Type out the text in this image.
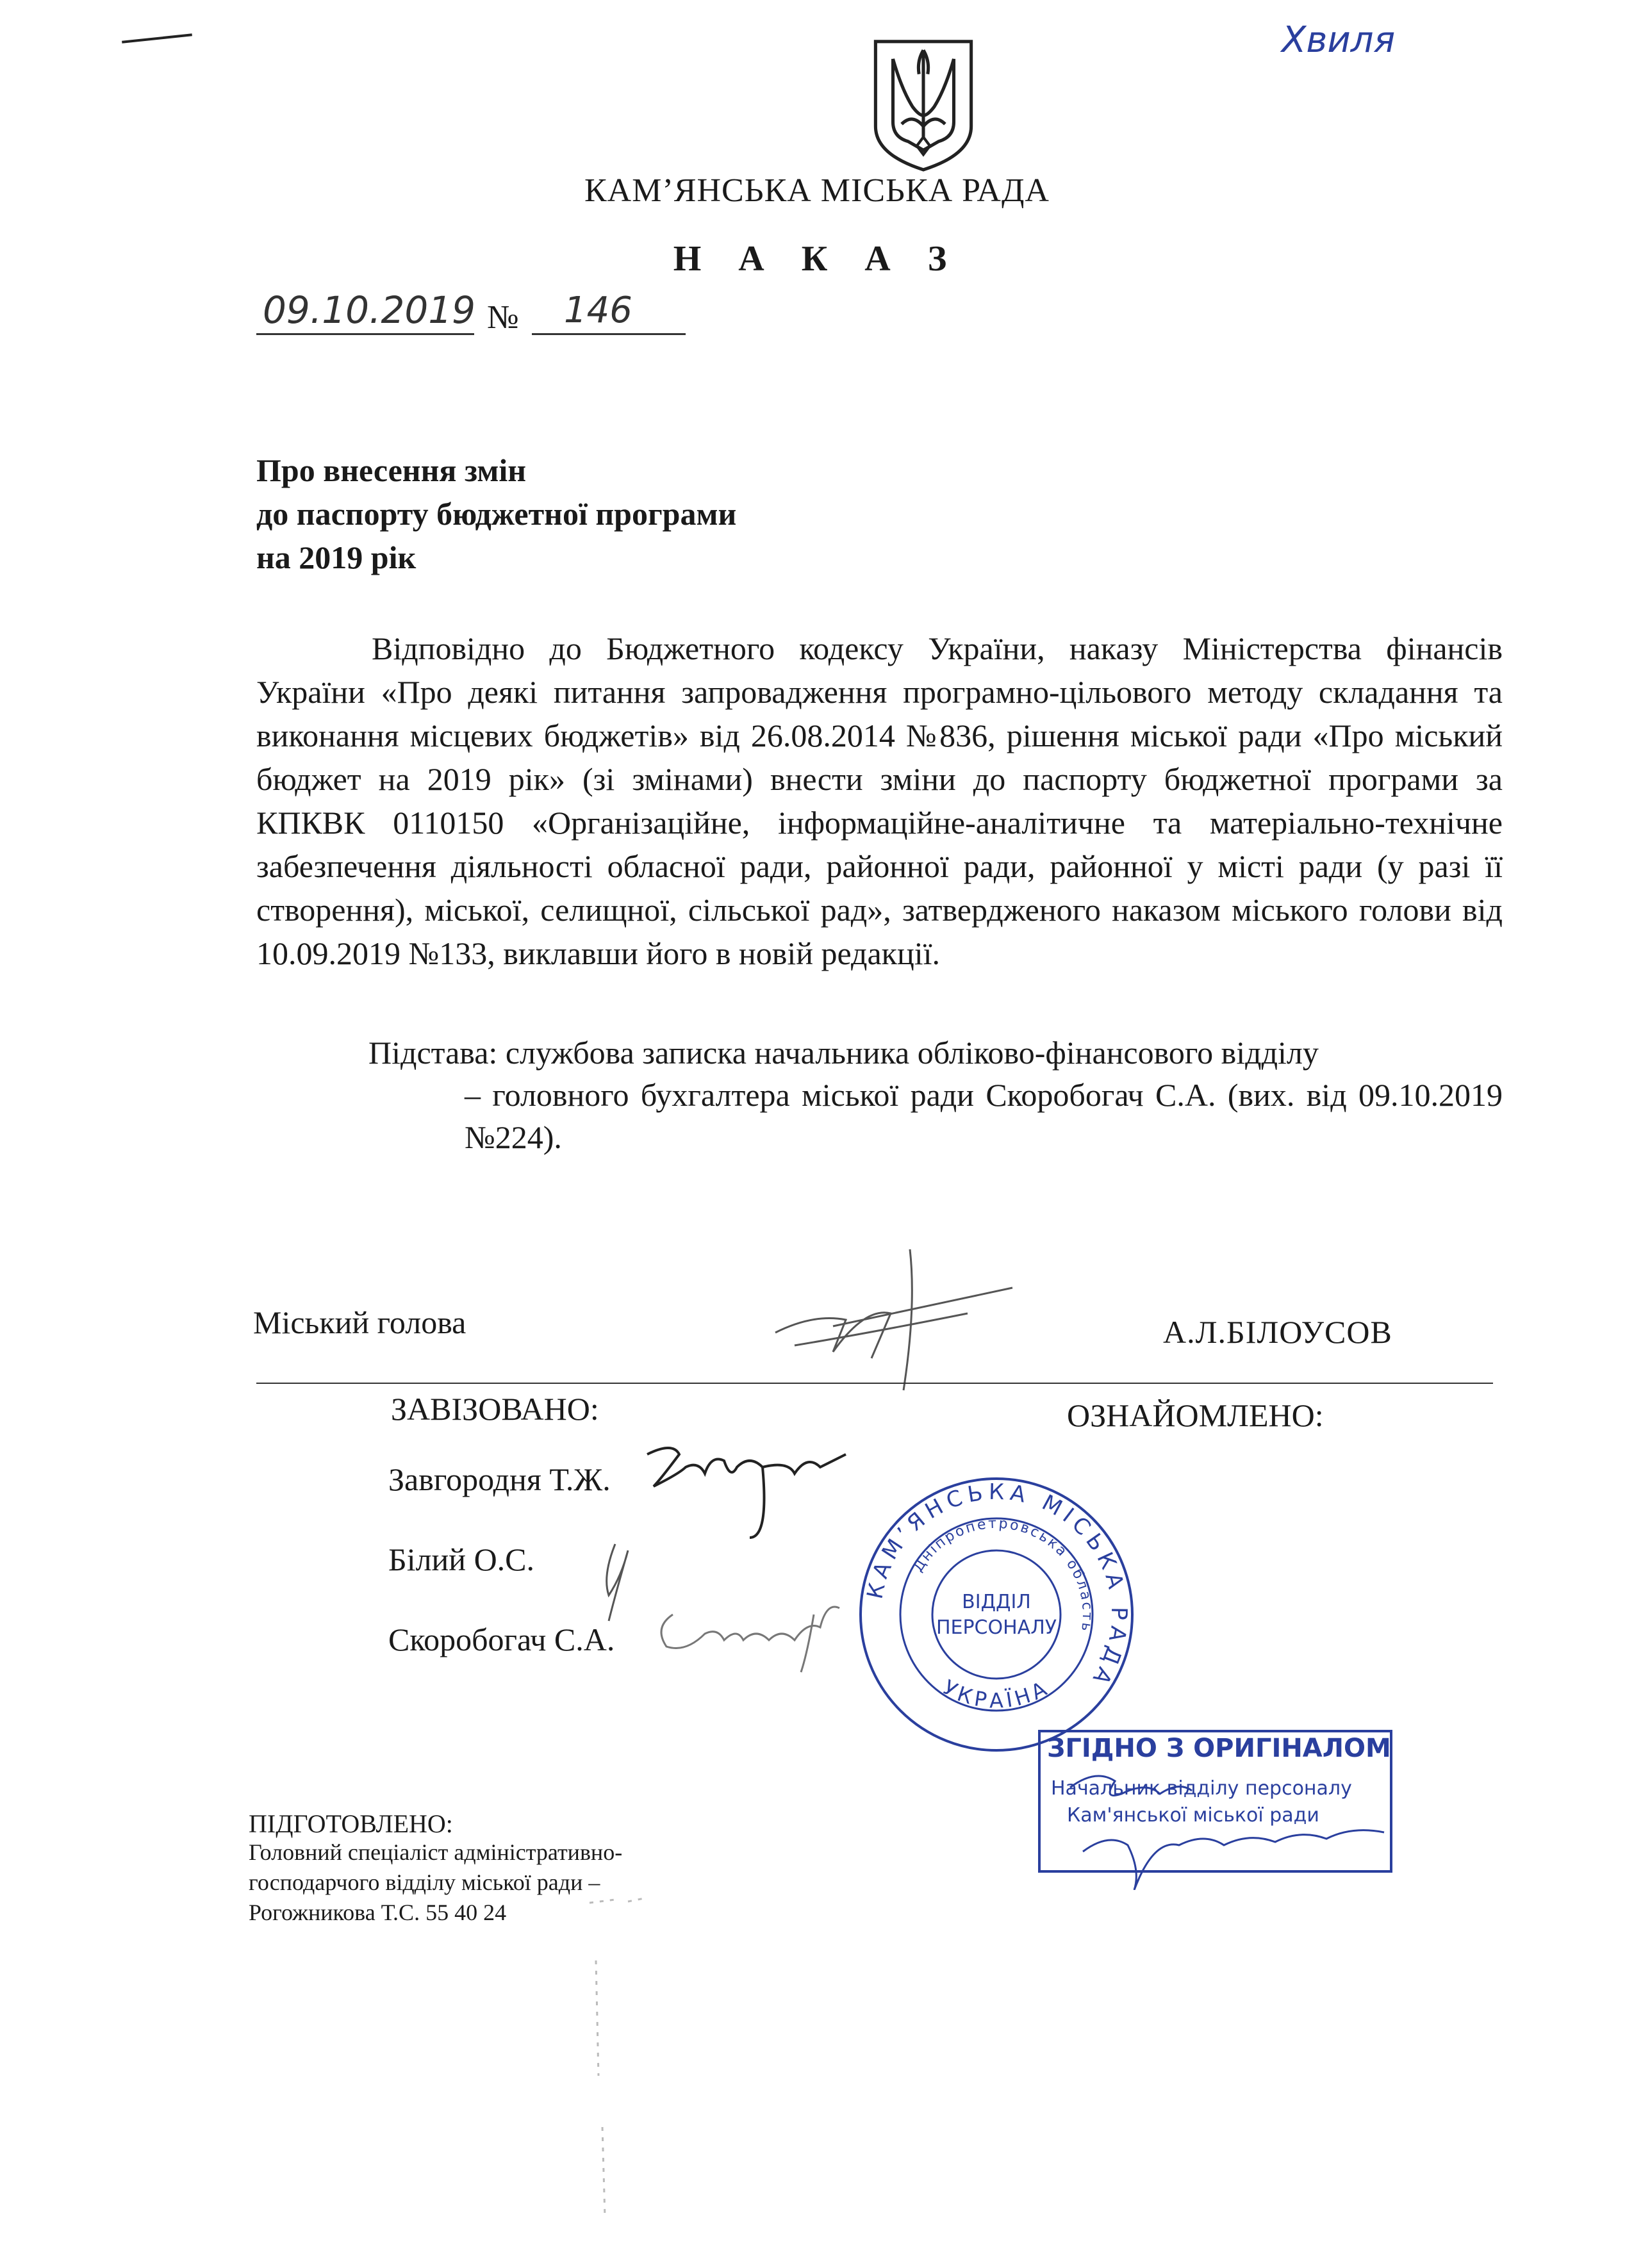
Хвиля
КАМ’ЯНСЬКА МІСЬКА РАДА
Н А К А З
09.10.2019 № 146
Про внесення змін
до паспорту бюджетної програми
на 2019 рік

Відповідно до Бюджетного кодексу України, наказу Міністерства фінансів України «Про деякі питання запровадження програмно-цільового методу складання та виконання місцевих бюджетів» від 26.08.2014 №836, рішення міської ради «Про міський бюджет на 2019 рік» (зі змінами) внести зміни до паспорту бюджетної програми за КПКВК 0110150 «Організаційне, інформаційне-аналітичне та матеріально-технічне забезпечення діяльності обласної ради, районної ради, районної у місті ради (у разі її створення), міської, селищної, сільської рад», затвердженого наказом міського голови від 10.09.2019 №133, виклавши його в новій редакції.

Підстава: службова записка начальника обліково-фінансового відділу
– головного бухгалтера міської ради Скоробогач С.А. (вих. від 09.10.2019 №224).
Міський голова	А.Л.БІЛОУСОВ
ЗАВІЗОВАНО:	ОЗНАЙОМЛЕНО:
Завгородня Т.Ж.
Білий О.С.
Скоробогач С.А.
КАМ’ЯНСЬКА МІСЬКА РАДА
Дніпропетровська область
УКРАЇНА
ВІДДІЛ
ПЕРСОНАЛУ
ЗГІДНО З ОРИГІНАЛОМ
Начальник відділу персоналу
Кам'янської міської ради
ПІДГОТОВЛЕНО:
Головний спеціаліст адміністративно-
господарчого відділу міської ради –
Рогожникова Т.С. 55 40 24
